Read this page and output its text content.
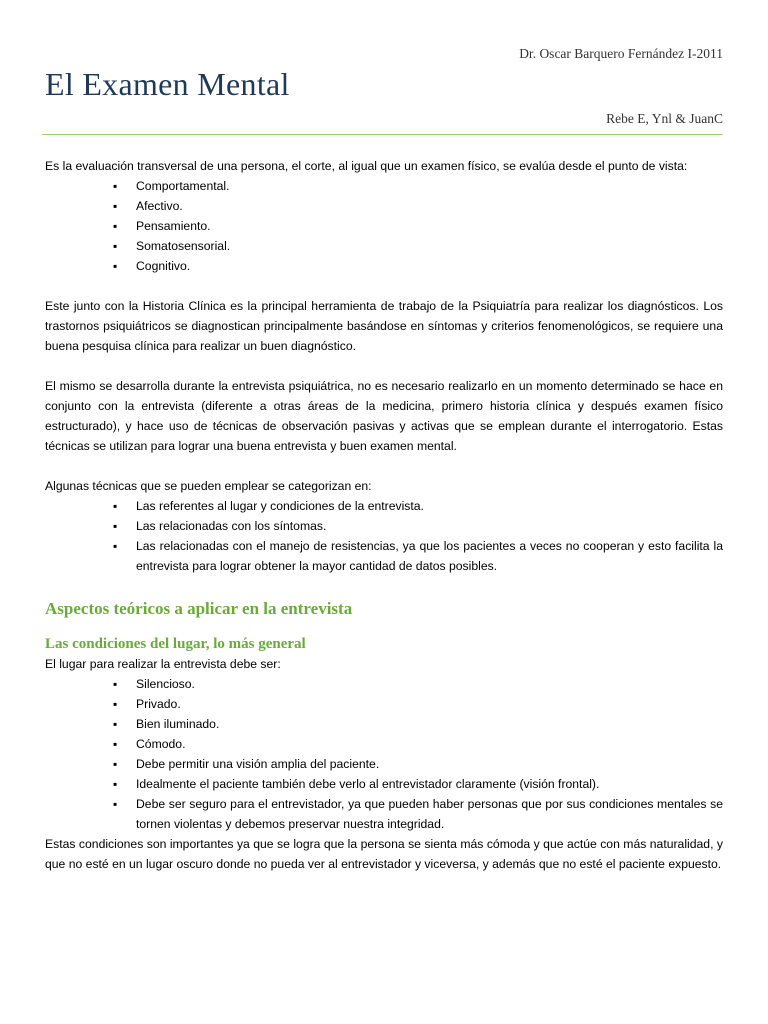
Dr. Oscar Barquero Fernández I-2011
El Examen Mental
Rebe E, Ynl & JuanC

Es la evaluación transversal de una persona, el corte, al igual que un examen físico, se evalúa desde el punto de vista:

▪ Comportamental.
▪ Afectivo.
▪ Pensamiento.
▪ Somatosensorial.
▪ Cognitivo.

Este junto con la Historia Clínica es la principal herramienta de trabajo de la Psiquiatría para realizar los diagnósticos. Los trastornos psiquiátricos se diagnostican principalmente basándose en síntomas y criterios fenomenológicos, se requiere una buena pesquisa clínica para realizar un buen diagnóstico.

El mismo se desarrolla durante la entrevista psiquiátrica, no es necesario realizarlo en un momento determinado se hace en conjunto con la entrevista (diferente a otras áreas de la medicina, primero historia clínica y después examen físico estructurado), y hace uso de técnicas de observación pasivas y activas que se emplean durante el interrogatorio. Estas técnicas se utilizan para lograr una buena entrevista y buen examen mental.

Algunas técnicas que se pueden emplear se categorizan en:

▪ Las referentes al lugar y condiciones de la entrevista.
▪ Las relacionadas con los síntomas.
▪ Las relacionadas con el manejo de resistencias, ya que los pacientes a veces no cooperan y esto facilita la entrevista para lograr obtener la mayor cantidad de datos posibles.
Aspectos teóricos a aplicar en la entrevista
Las condiciones del lugar, lo más general

El lugar para realizar la entrevista debe ser:

▪ Silencioso.
▪ Privado.
▪ Bien iluminado.
▪ Cómodo.
▪ Debe permitir una visión amplia del paciente.
▪ Idealmente el paciente también debe verlo al entrevistador claramente (visión frontal).
▪ Debe ser seguro para el entrevistador, ya que pueden haber personas que por sus condiciones mentales se tornen violentas y debemos preservar nuestra integridad.

Estas condiciones son importantes ya que se logra que la persona se sienta más cómoda y que actúe con más naturalidad, y que no esté en un lugar oscuro donde no pueda ver al entrevistador y viceversa, y además que no esté el paciente expuesto.
